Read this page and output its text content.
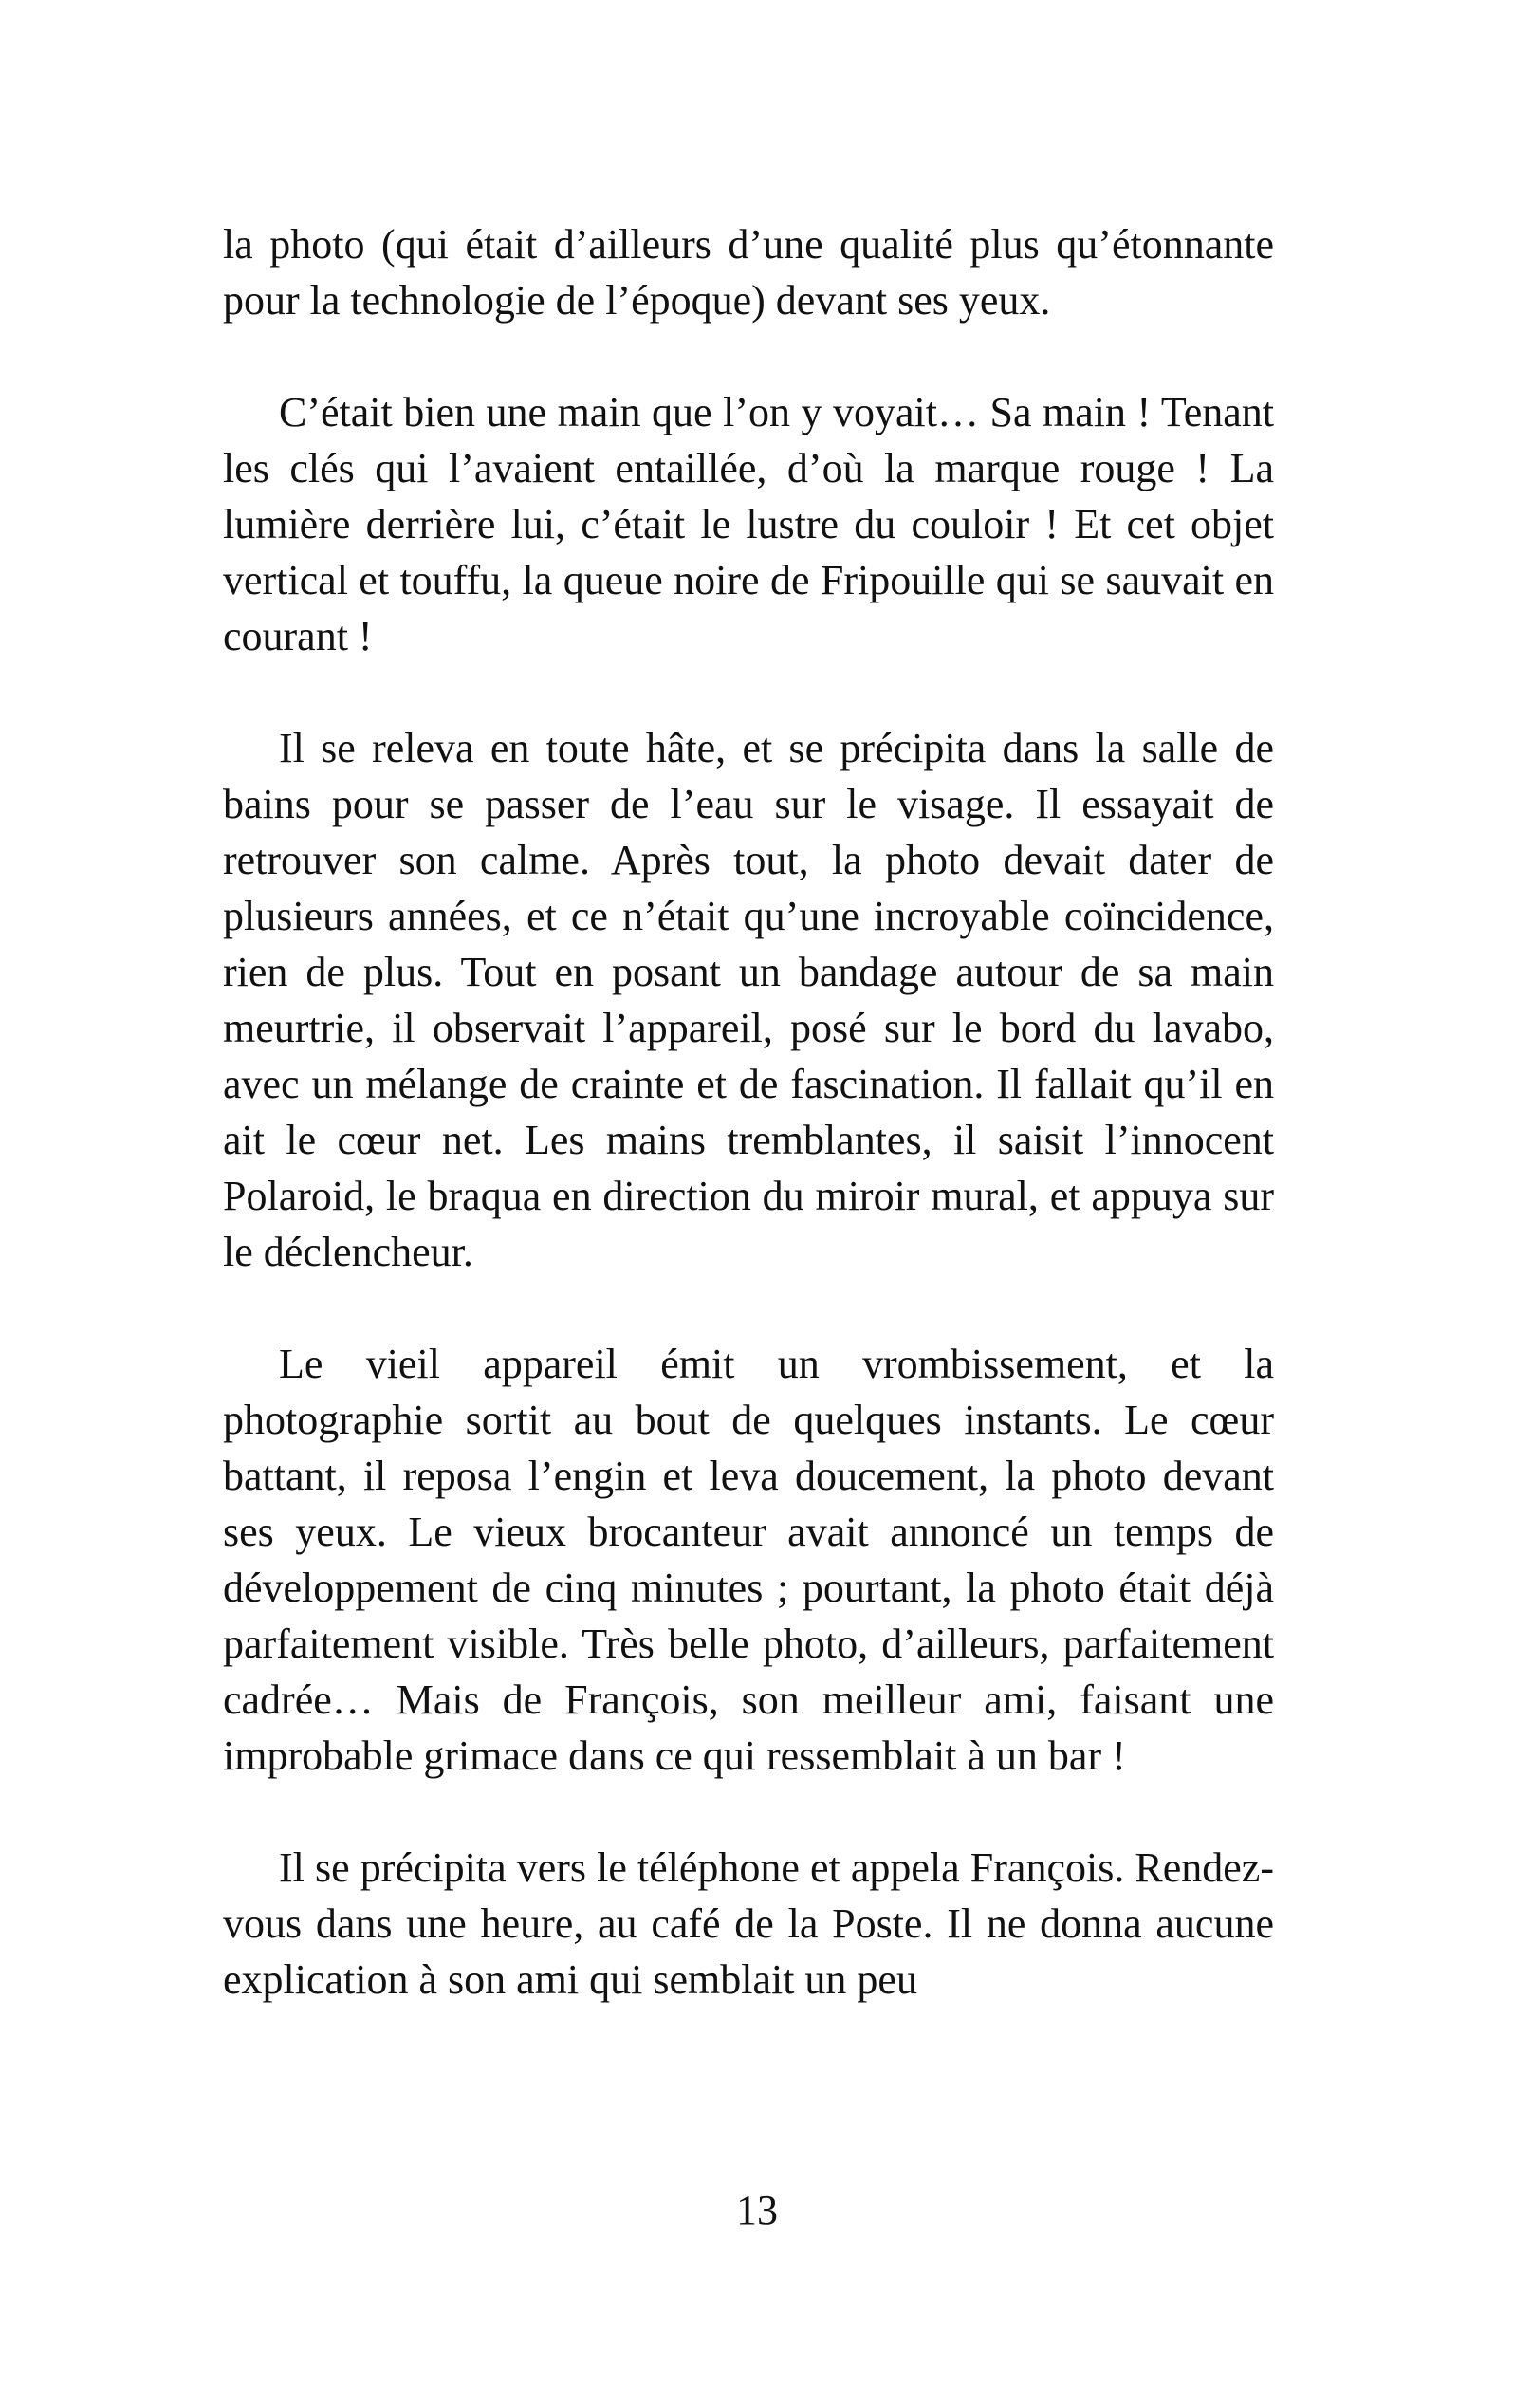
la photo (qui était d’ailleurs d’une qualité plus qu’étonnante pour la technologie de l’époque) devant ses yeux.

C’était bien une main que l’on y voyait… Sa main ! Tenant les clés qui l’avaient entaillée, d’où la marque rouge ! La lumière derrière lui, c’était le lustre du couloir ! Et cet objet vertical et touffu, la queue noire de Fripouille qui se sauvait en courant !

Il se releva en toute hâte, et se précipita dans la salle de bains pour se passer de l’eau sur le visage. Il essayait de retrouver son calme. Après tout, la photo devait dater de plusieurs années, et ce n’était qu’une incroyable coïncidence, rien de plus. Tout en posant un bandage autour de sa main meurtrie, il observait l’appareil, posé sur le bord du lavabo, avec un mélange de crainte et de fascination. Il fallait qu’il en ait le cœur net. Les mains tremblantes, il saisit l’innocent Polaroid, le braqua en direction du miroir mural, et appuya sur le déclencheur.

Le vieil appareil émit un vrombissement, et la photographie sortit au bout de quelques instants. Le cœur battant, il reposa l’engin et leva doucement, la photo devant ses yeux. Le vieux brocanteur avait annoncé un temps de développement de cinq minutes ; pourtant, la photo était déjà parfaitement visible. Très belle photo, d’ailleurs, parfaitement cadrée… Mais de François, son meilleur ami, faisant une improbable grimace dans ce qui ressemblait à un bar !

Il se précipita vers le téléphone et appela François. Rendez-vous dans une heure, au café de la Poste. Il ne donna aucune explication à son ami qui semblait un peu

13
